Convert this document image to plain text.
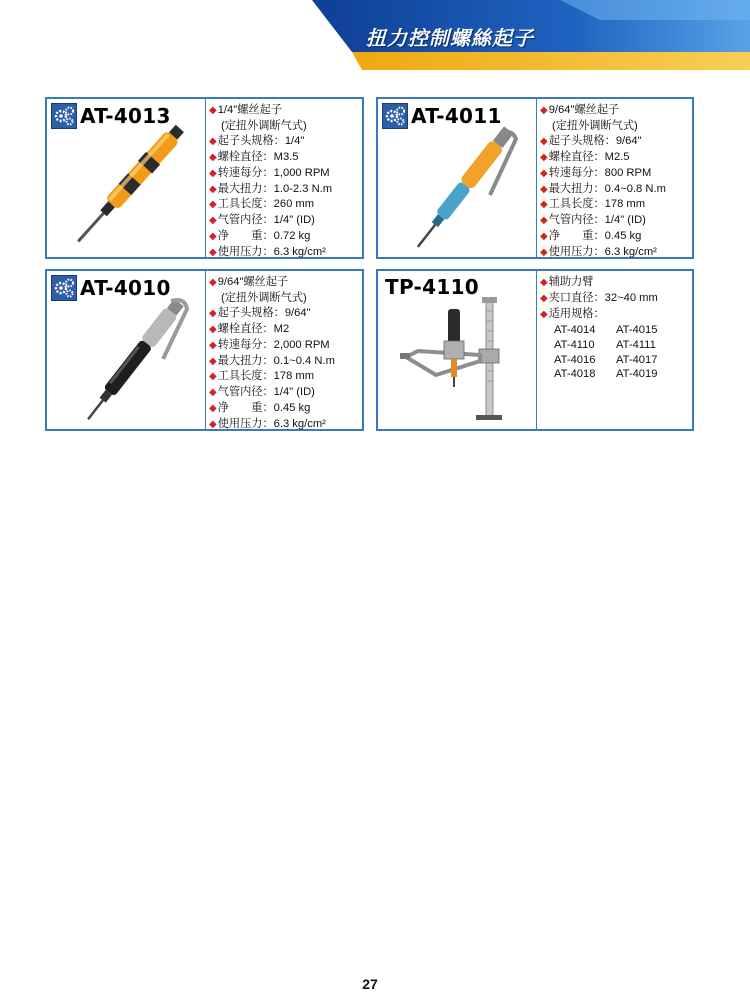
扭力控制螺絲起子
AT-4013	◆1/4"螺丝起子
(定扭外调断气式)
◆起子头规格：1/4"
◆螺栓直径：M3.5
◆转速每分：1,000 RPM
◆最大扭力：1.0-2.3 N.m
◆工具长度：260 mm
◆气管内径：1/4" (ID)
◆净　　重：0.72 kg
◆使用压力：6.3 kg/cm²
AT-4011	◆9/64"螺丝起子
(定扭外调断气式)
◆起子头规格：9/64"
◆螺栓直径：M2.5
◆转速每分：800 RPM
◆最大扭力：0.4~0.8 N.m
◆工具长度：178 mm
◆气管内径：1/4" (ID)
◆净　　重：0.45 kg
◆使用压力：6.3 kg/cm²
AT-4010	◆9/64"螺丝起子
(定扭外调断气式)
◆起子头规格：9/64"
◆螺栓直径：M2
◆转速每分：2,000 RPM
◆最大扭力：0.1~0.4 N.m
◆工具长度：178 mm
◆气管内径：1/4" (ID)
◆净　　重：0.45 kg
◆使用压力：6.3 kg/cm²
TP-4110	◆辅助力臂
◆夹口直径：32~40 mm
◆适用规格：
AT-4014	AT-4015
AT-4110	AT-4111
AT-4016	AT-4017
AT-4018	AT-4019
27
